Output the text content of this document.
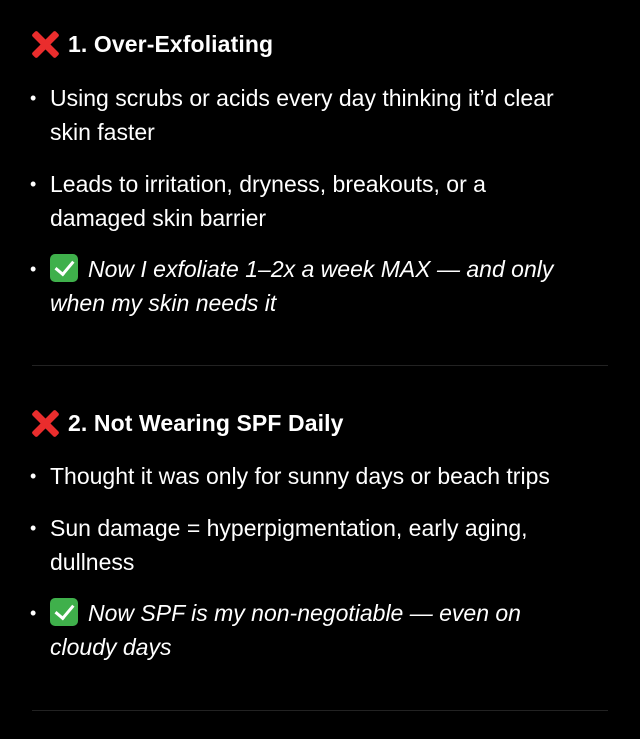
1. Over-Exfoliating
• Using scrubs or acids every day thinking it’d clear
skin faster
• Leads to irritation, dryness, breakouts, or a
damaged skin barrier
•	Now I exfoliate 1–2x a week MAX — and only
when my skin needs it
2. Not Wearing SPF Daily
• Thought it was only for sunny days or beach trips
• Sun damage = hyperpigmentation, early aging,
dullness
•	Now SPF is my non-negotiable — even on
cloudy days
